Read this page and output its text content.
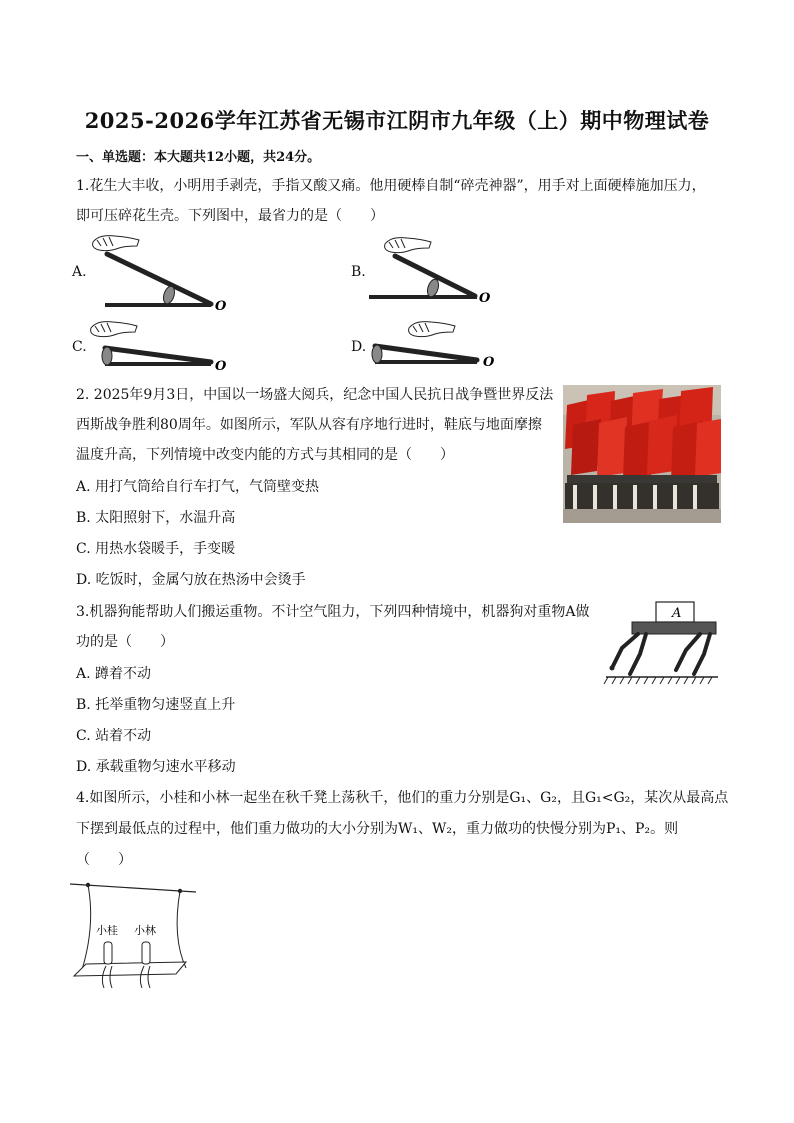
2025-2026学年江苏省无锡市江阴市九年级（上）期中物理试卷
一、单选题：本大题共12小题，共24分。
1.花生大丰收，小明用手剥壳，手指又酸又痛。他用硬棒自制“碎壳神器”，用手对上面硬棒施加压力，
即可压碎花生壳。下列图中，最省力的是（　　）
A.	B.
C.	D.
O
O
O	O
2. 2025年9月3日，中国以一场盛大阅兵，纪念中国人民抗日战争暨世界反法
西斯战争胜利80周年。如图所示，军队从容有序地行进时，鞋底与地面摩擦
温度升高，下列情境中改变内能的方式与其相同的是（　　）
A. 用打气筒给自行车打气，气筒壁变热
B. 太阳照射下，水温升高
C. 用热水袋暖手，手变暖
D. 吃饭时，金属勺放在热汤中会烫手
3.机器狗能帮助人们搬运重物。不计空气阻力，下列四种情境中，机器狗对重物A做
功的是（　　）
A. 蹲着不动
B. 托举重物匀速竖直上升
C. 站着不动
D. 承载重物匀速水平移动
A
4.如图所示，小桂和小林一起坐在秋千凳上荡秋千，他们的重力分别是G₁、G₂，且G₁<G₂，某次从最高点
下摆到最低点的过程中，他们重力做功的大小分别为W₁、W₂，重力做功的快慢分别为P₁、P₂。则
（　　）
小桂 小林
